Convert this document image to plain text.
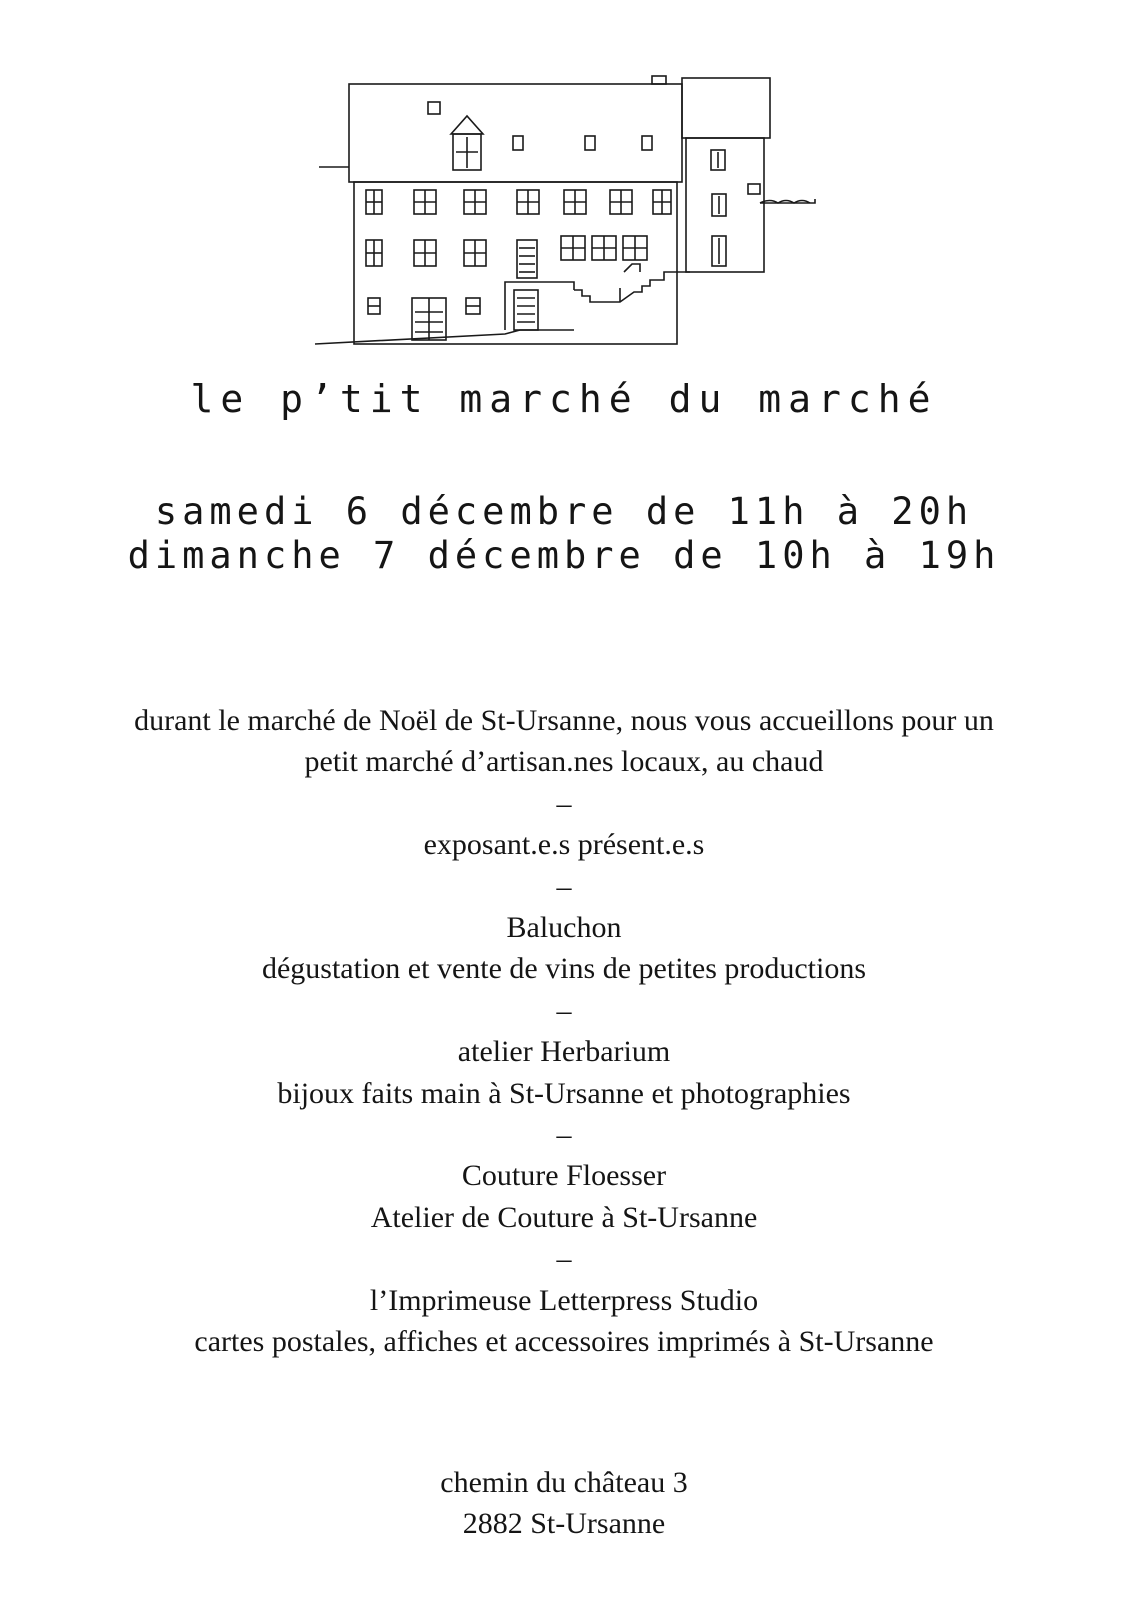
le p’tit marché du marché
samedi 6 décembre de 11h à 20h
dimanche 7 décembre de 10h à 19h
durant le marché de Noël de St-Ursanne, nous vous accueillons pour un
petit marché d’artisan.nes locaux, au chaud
–
exposant.e.s présent.e.s
–
Baluchon
dégustation et vente de vins de petites productions
–
atelier Herbarium
bijoux faits main à St-Ursanne et photographies
–
Couture Floesser
Atelier de Couture à St-Ursanne
–
l’Imprimeuse Letterpress Studio
cartes postales, affiches et accessoires imprimés à St-Ursanne
chemin du château 3
2882 St-Ursanne
